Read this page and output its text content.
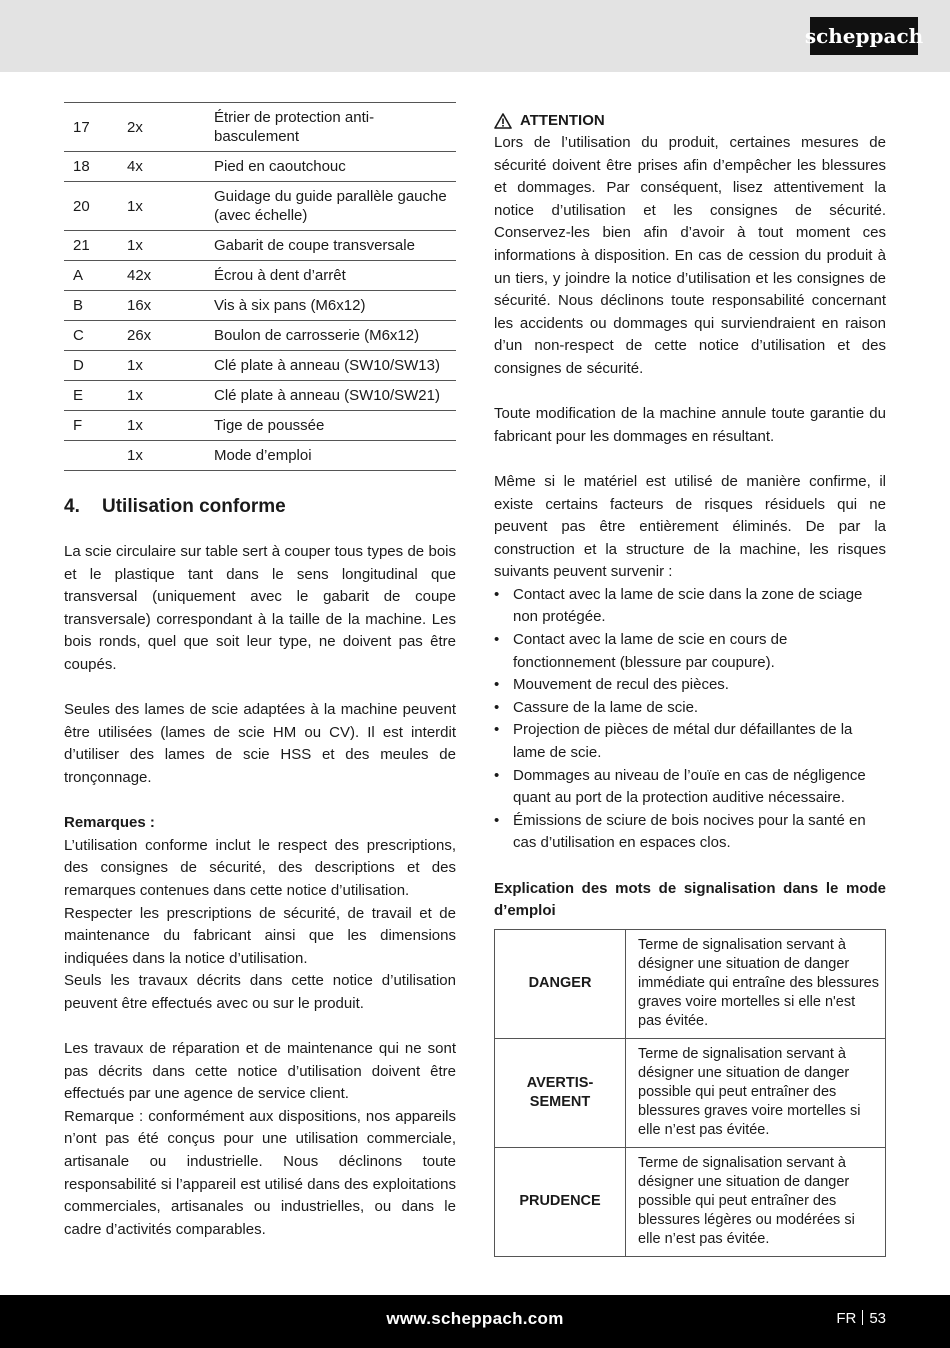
scheppach
17	2x	Étrier de protection anti-basculement
18	4x	Pied en caoutchouc
20	1x	Guidage du guide parallèle gauche (avec échelle)
21	1x	Gabarit de coupe transversale
A	42x	Écrou à dent d’arrêt
B	16x	Vis à six pans (M6x12)
C	26x	Boulon de carrosserie (M6x12)
D	1x	Clé plate à anneau (SW10/SW13)
E	1x	Clé plate à anneau (SW10/SW21)
F	1x	Tige de poussée
	1x	Mode d’emploi
4. Utilisation conforme

La scie circulaire sur table sert à couper tous types de bois et le plastique tant dans le sens longitudinal que transversal (uniquement avec le gabarit de coupe transversale) correspondant à la taille de la machine. Les bois ronds, quel que soit leur type, ne doivent pas être coupés.

Seules des lames de scie adaptées à la machine peuvent être utilisées (lames de scie HM ou CV). Il est interdit d’utiliser des lames de scie HSS et des meules de tronçonnage.

Remarques :

L’utilisation conforme inclut le respect des prescriptions, des consignes de sécurité, des descriptions et des remarques contenues dans cette notice d’utilisation.

Respecter les prescriptions de sécurité, de travail et de maintenance du fabricant ainsi que les dimensions indiquées dans la notice d’utilisation.

Seuls les travaux décrits dans cette notice d’utilisation peuvent être effectués avec ou sur le produit.

Les travaux de réparation et de maintenance qui ne sont pas décrits dans cette notice d’utilisation doivent être effectués par une agence de service client.

Remarque : conformément aux dispositions, nos appareils n’ont pas été conçus pour une utilisation commerciale, artisanale ou industrielle. Nous déclinons toute responsabilité si l’appareil est utilisé dans des exploitations commerciales, artisanales ou industrielles, ou dans le cadre d’activités comparables.

ATTENTION

Lors de l’utilisation du produit, certaines mesures de sécurité doivent être prises afin d’empêcher les blessures et dommages. Par conséquent, lisez attentivement la notice d’utilisation et les consignes de sécurité. Conservez-les bien afin d’avoir à tout moment ces informations à disposition. En cas de cession du produit à un tiers, y joindre la notice d’utilisation et les consignes de sécurité. Nous déclinons toute responsabilité concernant les accidents ou dommages qui surviendraient en raison d’un non-respect de cette notice d’utilisation et des consignes de sécurité.

Toute modification de la machine annule toute garantie du fabricant pour les dommages en résultant.

Même si le matériel est utilisé de manière confirme, il existe certains facteurs de risques résiduels qui ne peuvent pas être entièrement éliminés. De par la construction et la structure de la machine, les risques suivants peuvent survenir :

• Contact avec la lame de scie dans la zone de sciage non protégée.
• Contact avec la lame de scie en cours de fonctionnement (blessure par coupure).
• Mouvement de recul des pièces.
• Cassure de la lame de scie.
• Projection de pièces de métal dur défaillantes de la lame de scie.
• Dommages au niveau de l’ouïe en cas de négligence quant au port de la protection auditive nécessaire.
• Émissions de sciure de bois nocives pour la santé en cas d’utilisation en espaces clos.

Explication des mots de signalisation dans le mode d’emploi

DANGER	Terme de signalisation servant à désigner une situation de danger immédiate qui entraîne des blessures graves voire mortelles si elle n'est pas évitée.
AVERTIS-SEMENT	Terme de signalisation servant à désigner une situation de danger possible qui peut entraîner des blessures graves voire mortelles si elle n’est pas évitée.
PRUDENCE	Terme de signalisation servant à désigner une situation de danger possible qui peut entraîner des blessures légères ou modérées si elle n’est pas évitée.
www.scheppach.com	FR 53
